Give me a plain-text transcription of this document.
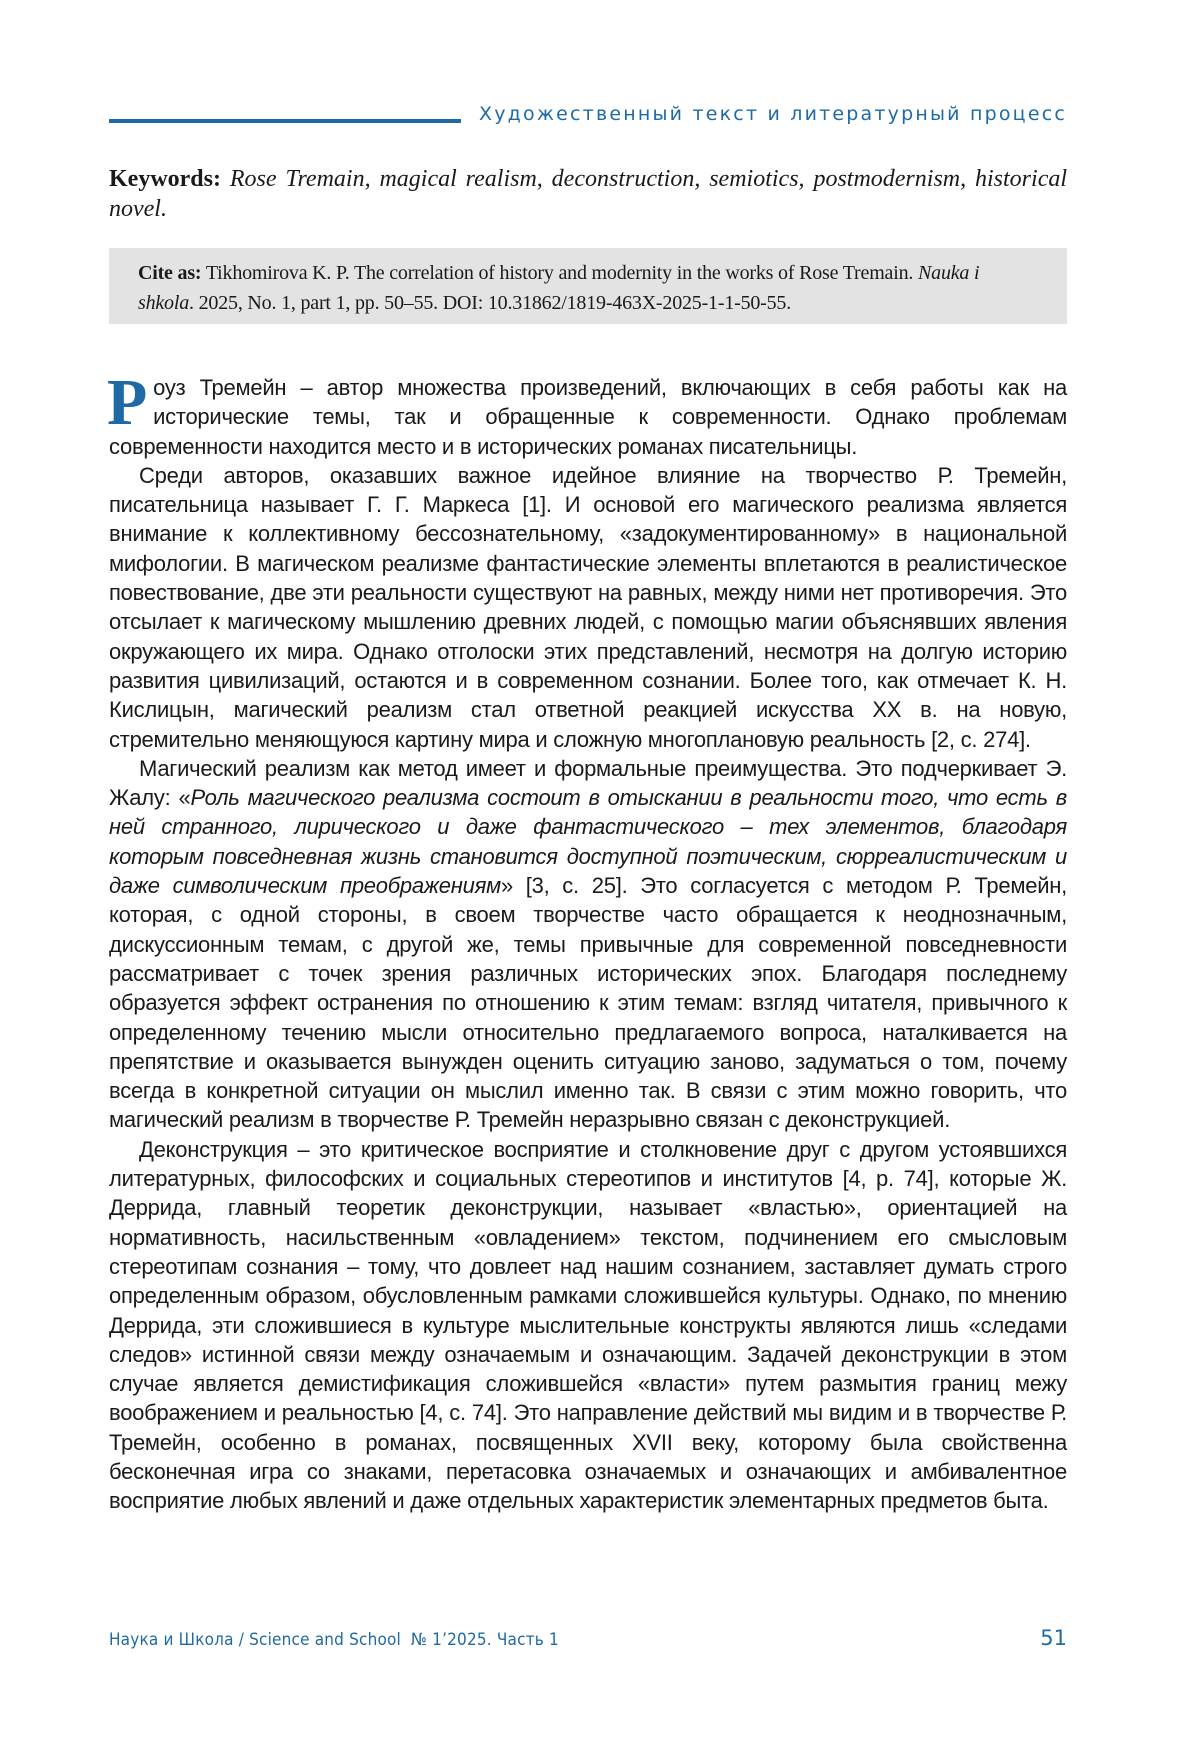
Художественный текст и литературный процесс
Keywords: Rose Tremain, magical realism, deconstruction, semiotics, postmodernism, historical novel.
Cite as: Tikhomirova K. P. The correlation of history and modernity in the works of Rose Tremain. Nauka i shkola. 2025, No. 1, part 1, pp. 50–55. DOI: 10.31862/1819-463X-2025-1-1-50-55.

Роуз Тремейн – автор множества произведений, включающих в себя работы как на исторические темы, так и обращенные к современности. Однако проблемам современности находится место и в исторических романах писательницы.

Среди авторов, оказавших важное идейное влияние на творчество Р. Тремейн, писательница называет Г. Г. Маркеса [1]. И основой его магического реализма является внимание к коллективному бессознательному, «задокументированному» в национальной мифологии. В магическом реализме фантастические элементы вплетаются в реалистическое повествование, две эти реальности существуют на равных, между ними нет противоречия. Это отсылает к магическому мышлению древних людей, с помощью магии объяснявших явления окружающего их мира. Однако отголоски этих представлений, несмотря на долгую историю развития цивилизаций, остаются и в современном сознании. Более того, как отмечает К. Н. Кислицын, магический реализм стал ответной реакцией искусства XX в. на новую, стремительно меняющуюся картину мира и сложную многоплановую реальность [2, с. 274].

Магический реализм как метод имеет и формальные преимущества. Это подчеркивает Э. Жалу: «Роль магического реализма состоит в отыскании в реальности того, что есть в ней странного, лирического и даже фантастического – тех элементов, благодаря которым повседневная жизнь становится доступной поэтическим, сюрреалистическим и даже символическим преображениям» [3, с. 25]. Это согласуется с методом Р. Тремейн, которая, с одной стороны, в своем творчестве часто обращается к неоднозначным, дискуссионным темам, с другой же, темы привычные для современной повседневности рассматривает с точек зрения различных исторических эпох. Благодаря последнему образуется эффект остранения по отношению к этим темам: взгляд читателя, привычного к определенному течению мысли относительно предлагаемого вопроса, наталкивается на препятствие и оказывается вынужден оценить ситуацию заново, задуматься о том, почему всегда в конкретной ситуации он мыслил именно так. В связи с этим можно говорить, что магический реализм в творчестве Р. Тремейн неразрывно связан с деконструкцией.

Деконструкция – это критическое восприятие и столкновение друг с другом устоявшихся литературных, философских и социальных стереотипов и институтов [4, p. 74], которые Ж. Деррида, главный теоретик деконструкции, называет «властью», ориентацией на нормативность, насильственным «овладением» текстом, подчинением его смысловым стереотипам сознания – тому, что довлеет над нашим сознанием, заставляет думать строго определенным образом, обусловленным рамками сложившейся культуры. Однако, по мнению Деррида, эти сложившиеся в культуре мыслительные конструкты являются лишь «следами следов» истинной связи между означаемым и означающим. Задачей деконструкции в этом случае является демистификация сложившейся «власти» путем размытия границ межу воображением и реальностью [4, с. 74]. Это направление действий мы видим и в творчестве Р. Тремейн, особенно в романах, посвященных XVII веку, которому была свойственна бесконечная игра со знаками, перетасовка означаемых и означающих и амбивалентное восприятие любых явлений и даже отдельных характеристик элементарных предметов быта.

Наука и Школа / Science and School  № 1’2025. Часть 1	51
